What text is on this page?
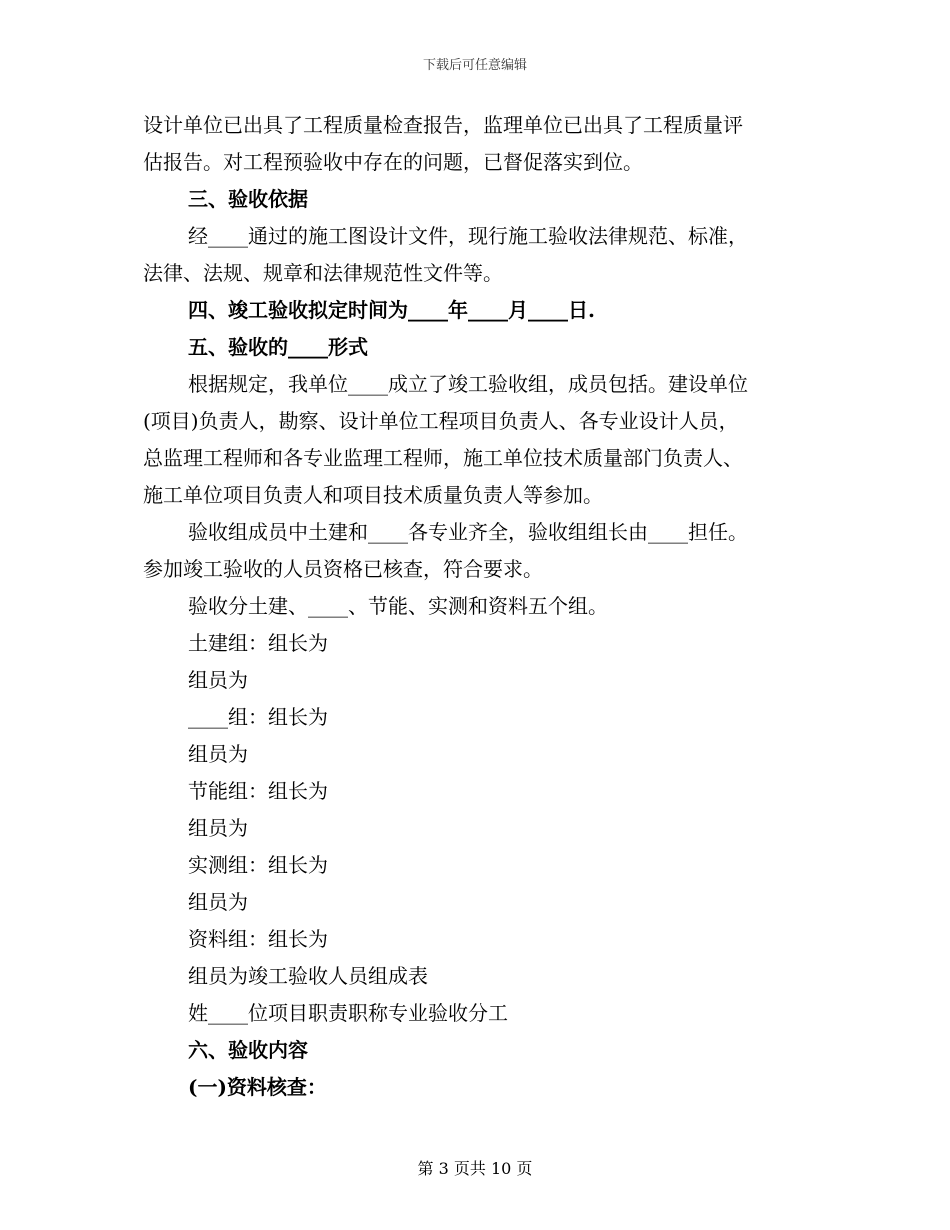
下载后可任意编辑
设计单位已出具了工程质量检查报告，监理单位已出具了工程质量评
估报告。对工程预验收中存在的问题，已督促落实到位。
三、验收依据
经____通过的施工图设计文件，现行施工验收法律规范、标准，
法律、法规、规章和法律规范性文件等。
四、竣工验收拟定时间为____年____月____日.
五、验收的____形式
根据规定，我单位____成立了竣工验收组，成员包括。建设单位
(项目)负责人，勘察、设计单位工程项目负责人、各专业设计人员，
总监理工程师和各专业监理工程师，施工单位技术质量部门负责人、
施工单位项目负责人和项目技术质量负责人等参加。
验收组成员中土建和____各专业齐全，验收组组长由____担任。
参加竣工验收的人员资格已核查，符合要求。
验收分土建、____、节能、实测和资料五个组。
土建组：组长为
组员为
____组：组长为
组员为
节能组：组长为
组员为
实测组：组长为
组员为
资料组：组长为
组员为竣工验收人员组成表
姓____位项目职责职称专业验收分工
六、验收内容
(一)资料核查：
第 3 页共 10 页
